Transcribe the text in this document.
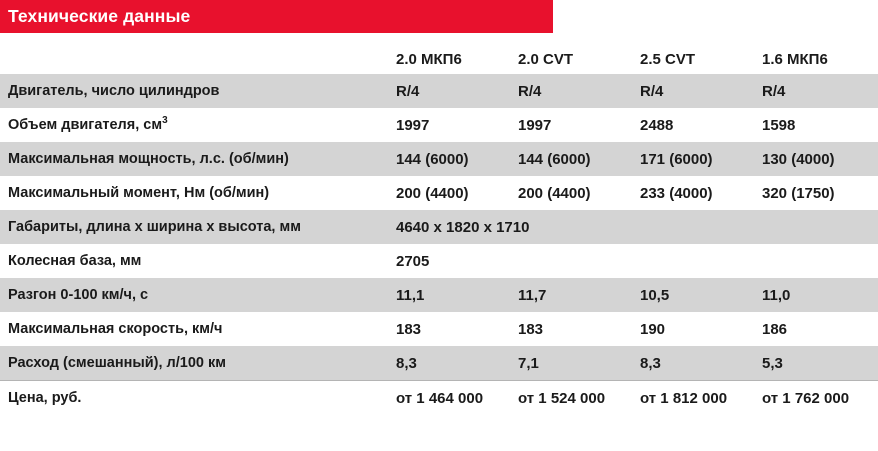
Технические данные
	2.0 МКП6	2.0 CVT	2.5 CVT	1.6 МКП6
Двигатель, число цилиндров	R/4	R/4	R/4	R/4
Объем двигателя, $см^3$	1997	1997	2488	1598
Максимальная мощность, л.с. (об/мин)	144 (6000)	144 (6000)	171 (6000)	130 (4000)
Максимальный момент, Нм (об/мин)	200 (4400)	200 (4400)	233 (4000)	320 (1750)
Габариты, длина х ширина х высота, мм	4640 x 1820 x 1710			
Колесная база, мм	2705			
Разгон 0-100 км/ч, с	11,1	11,7	10,5	11,0
Максимальная скорость, км/ч	183	183	190	186
Расход (смешанный), л/100 км	8,3	7,1	8,3	5,3
Цена, руб.	от 1 464 000	от 1 524 000	от 1 812 000	от 1 762 000
